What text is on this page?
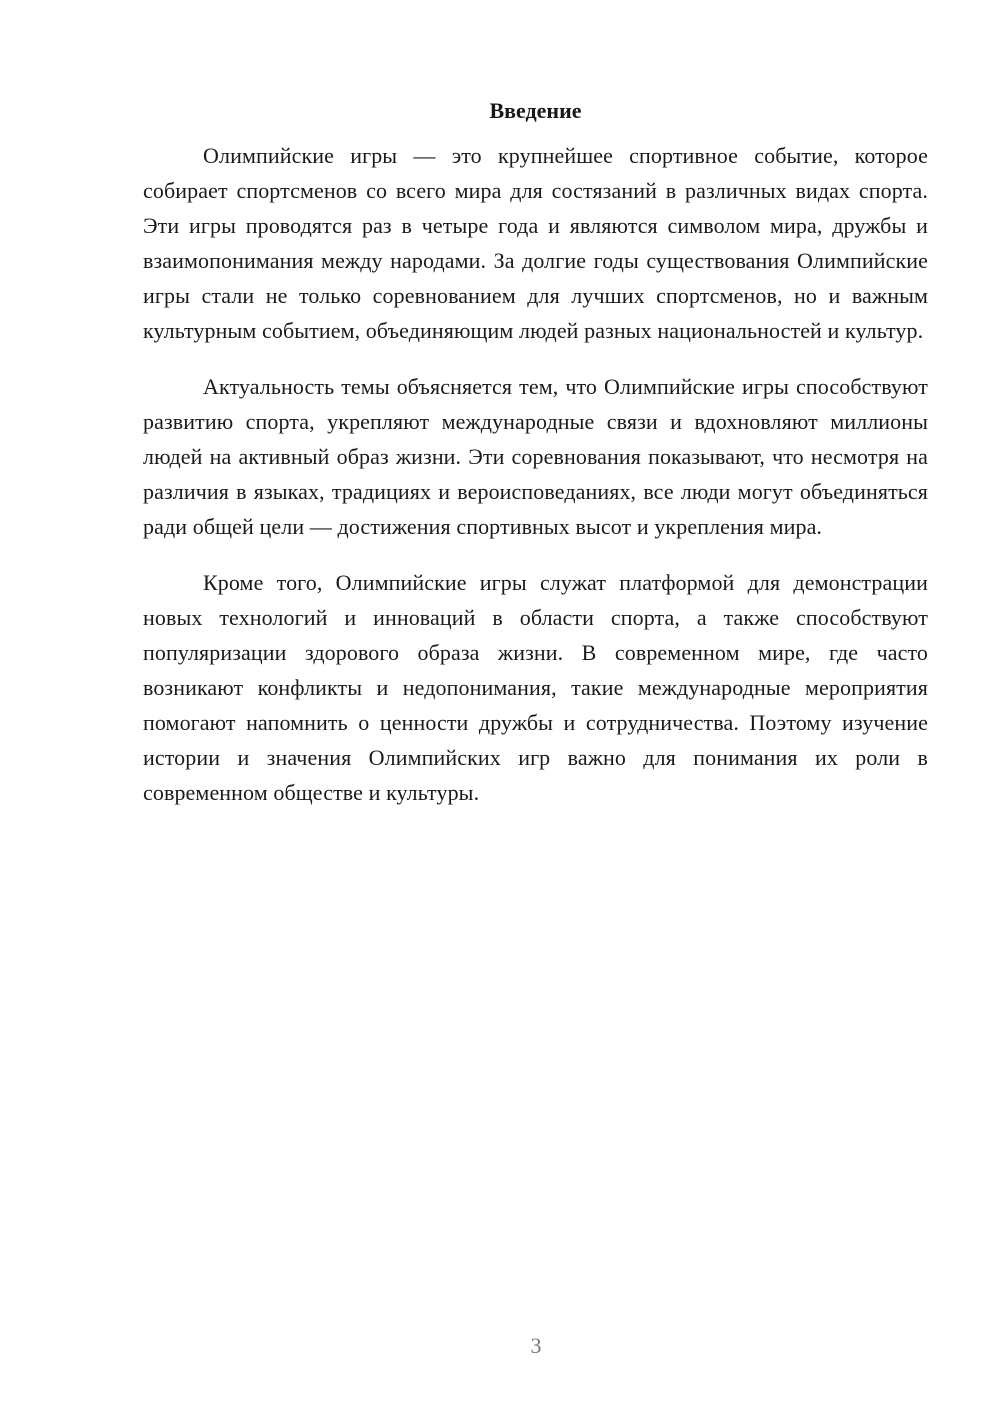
Введение

Олимпийские игры — это крупнейшее спортивное событие, которое собирает спортсменов со всего мира для состязаний в различных видах спорта. Эти игры проводятся раз в четыре года и являются символом мира, дружбы и взаимопонимания между народами. За долгие годы существования Олимпийские игры стали не только соревнованием для лучших спортсменов, но и важным культурным событием, объединяющим людей разных национальностей и культур.

Актуальность темы объясняется тем, что Олимпийские игры способствуют развитию спорта, укрепляют международные связи и вдохновляют миллионы людей на активный образ жизни. Эти соревнования показывают, что несмотря на различия в языках, традициях и вероисповеданиях, все люди могут объединяться ради общей цели — достижения спортивных высот и укрепления мира.

Кроме того, Олимпийские игры служат платформой для демонстрации новых технологий и инноваций в области спорта, а также способствуют популяризации здорового образа жизни. В современном мире, где часто возникают конфликты и недопонимания, такие международные мероприятия помогают напомнить о ценности дружбы и сотрудничества. Поэтому изучение истории и значения Олимпийских игр важно для понимания их роли в современном обществе и культуры.

3
